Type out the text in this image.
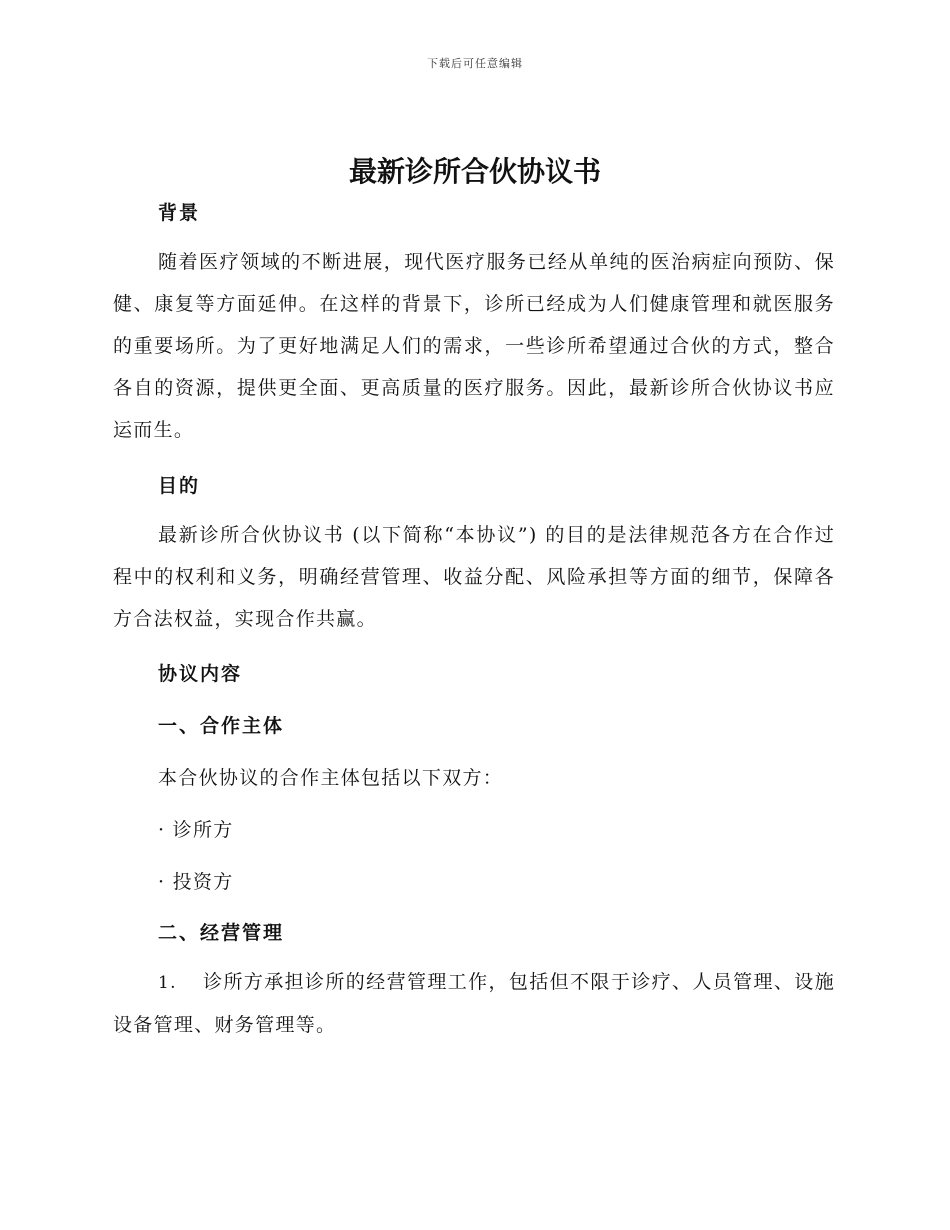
下载后可任意编辑
最新诊所合伙协议书
背景
随着医疗领域的不断进展，现代医疗服务已经从单纯的医治病症向预防、保健、康复等方面延伸。在这样的背景下，诊所已经成为人们健康管理和就医服务的重要场所。为了更好地满足人们的需求，一些诊所希望通过合伙的方式，整合各自的资源，提供更全面、更高质量的医疗服务。因此，最新诊所合伙协议书应运而生。
目的
最新诊所合伙协议书 (以下简称“本协议”) 的目的是法律规范各方在合作过程中的权利和义务，明确经营管理、收益分配、风险承担等方面的细节，保障各方合法权益，实现合作共赢。
协议内容
一、合作主体
本合伙协议的合作主体包括以下双方：
· 诊所方
· 投资方
二、经营管理
1. 诊所方承担诊所的经营管理工作，包括但不限于诊疗、人员管理、设施设备管理、财务管理等。
